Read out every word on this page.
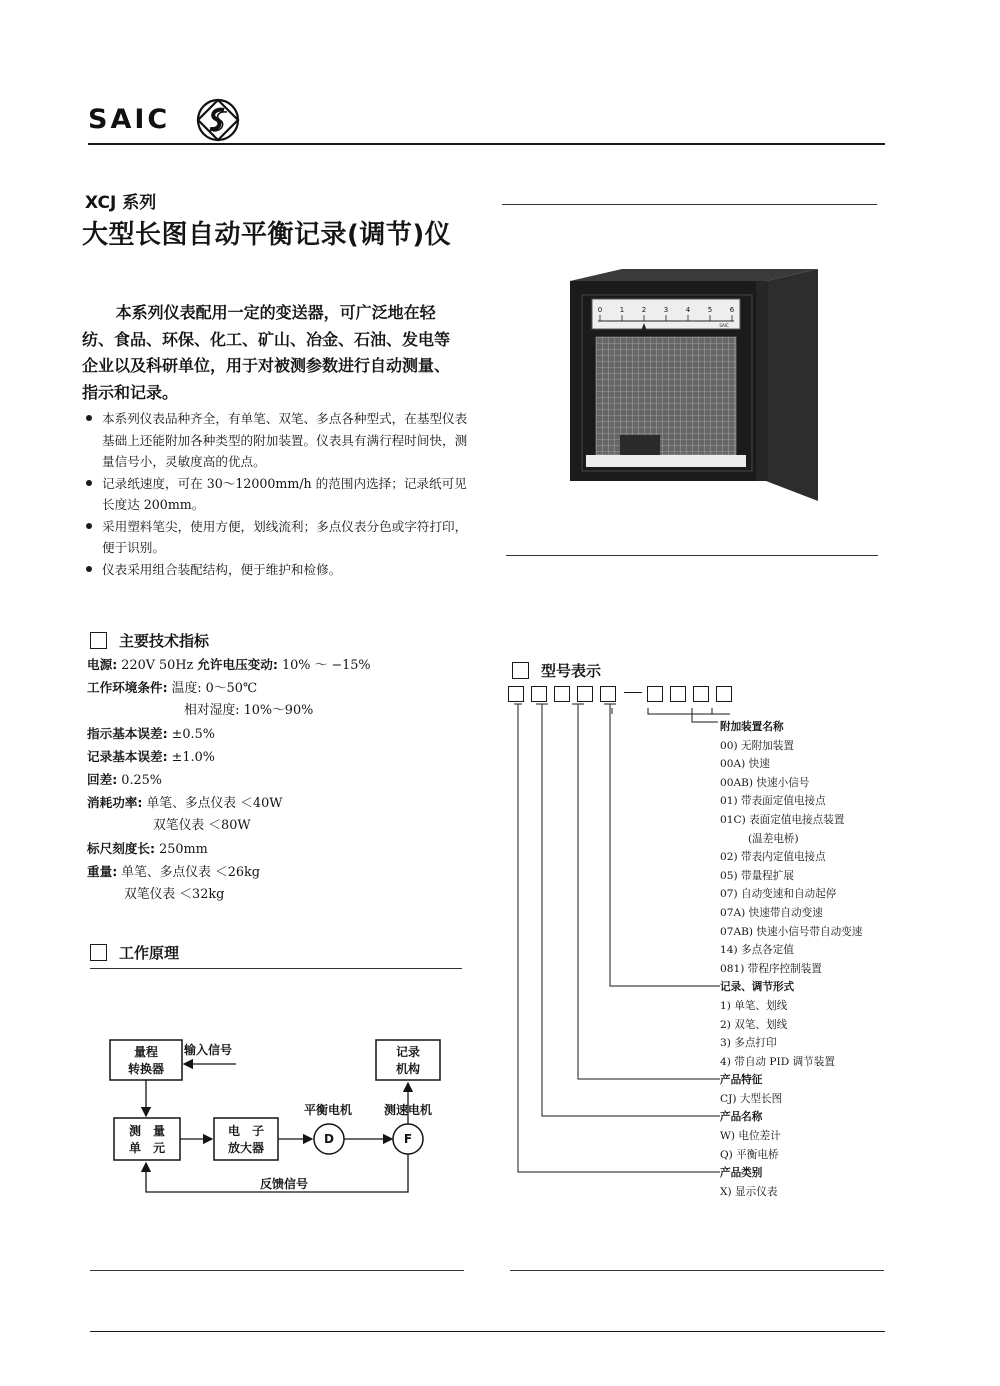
SAIC
XCJ 系列
大型长图自动平衡记录(调节)仪
本系列仪表配用一定的变送器，可广泛地在轻纺、食品、环保、化工、矿山、冶金、石油、发电等企业以及科研单位，用于对被测参数进行自动测量、指示和记录。
本系列仪表品种齐全，有单笔、双笔、多点各种型式，在基型仪表基础上还能附加各种类型的附加装置。仪表具有满行程时间快，测量信号小，灵敏度高的优点。
记录纸速度，可在 30～12000mm/h 的范围内选择；记录纸可见长度达 200mm。
采用塑料笔尖，使用方便，划线流利；多点仪表分色或字符打印，便于识别。
仪表采用组合装配结构，便于维护和检修。
0	1	2	3	4	5	6
SAIC
主要技术指标
电源: 220V 50Hz 允许电压变动: 10% ～ −15%
工作环境条件: 温度: 0～50℃
相对湿度: 10%～90%
指示基本误差: ±0.5%
记录基本误差: ±1.0%
回差: 0.25%
消耗功率: 单笔、多点仪表 ＜40W
双笔仪表 ＜80W
标尺刻度长: 250mm
重量: 单笔、多点仪表 ＜26kg
双笔仪表 ＜32kg
工作原理
量程
转换器
输入信号
测　量
单　元
电　子
放大器
平衡电机
D
测速电机
F
记录
机构
反馈信号
型号表示
附加装置名称
00) 无附加装置
00A) 快速
00AB) 快速小信号
01) 带表面定值电接点
01C) 表面定值电接点装置
(温差电桥)
02) 带表内定值电接点
05) 带量程扩展
07) 自动变速和自动起停
07A) 快速带自动变速
07AB) 快速小信号带自动变速
14) 多点各定值
081) 带程序控制装置
记录、调节形式
1) 单笔、划线
2) 双笔、划线
3) 多点打印
4) 带自动 PID 调节装置
产品特征
CJ) 大型长图
产品名称
W) 电位差计
Q) 平衡电桥
产品类别
X) 显示仪表
